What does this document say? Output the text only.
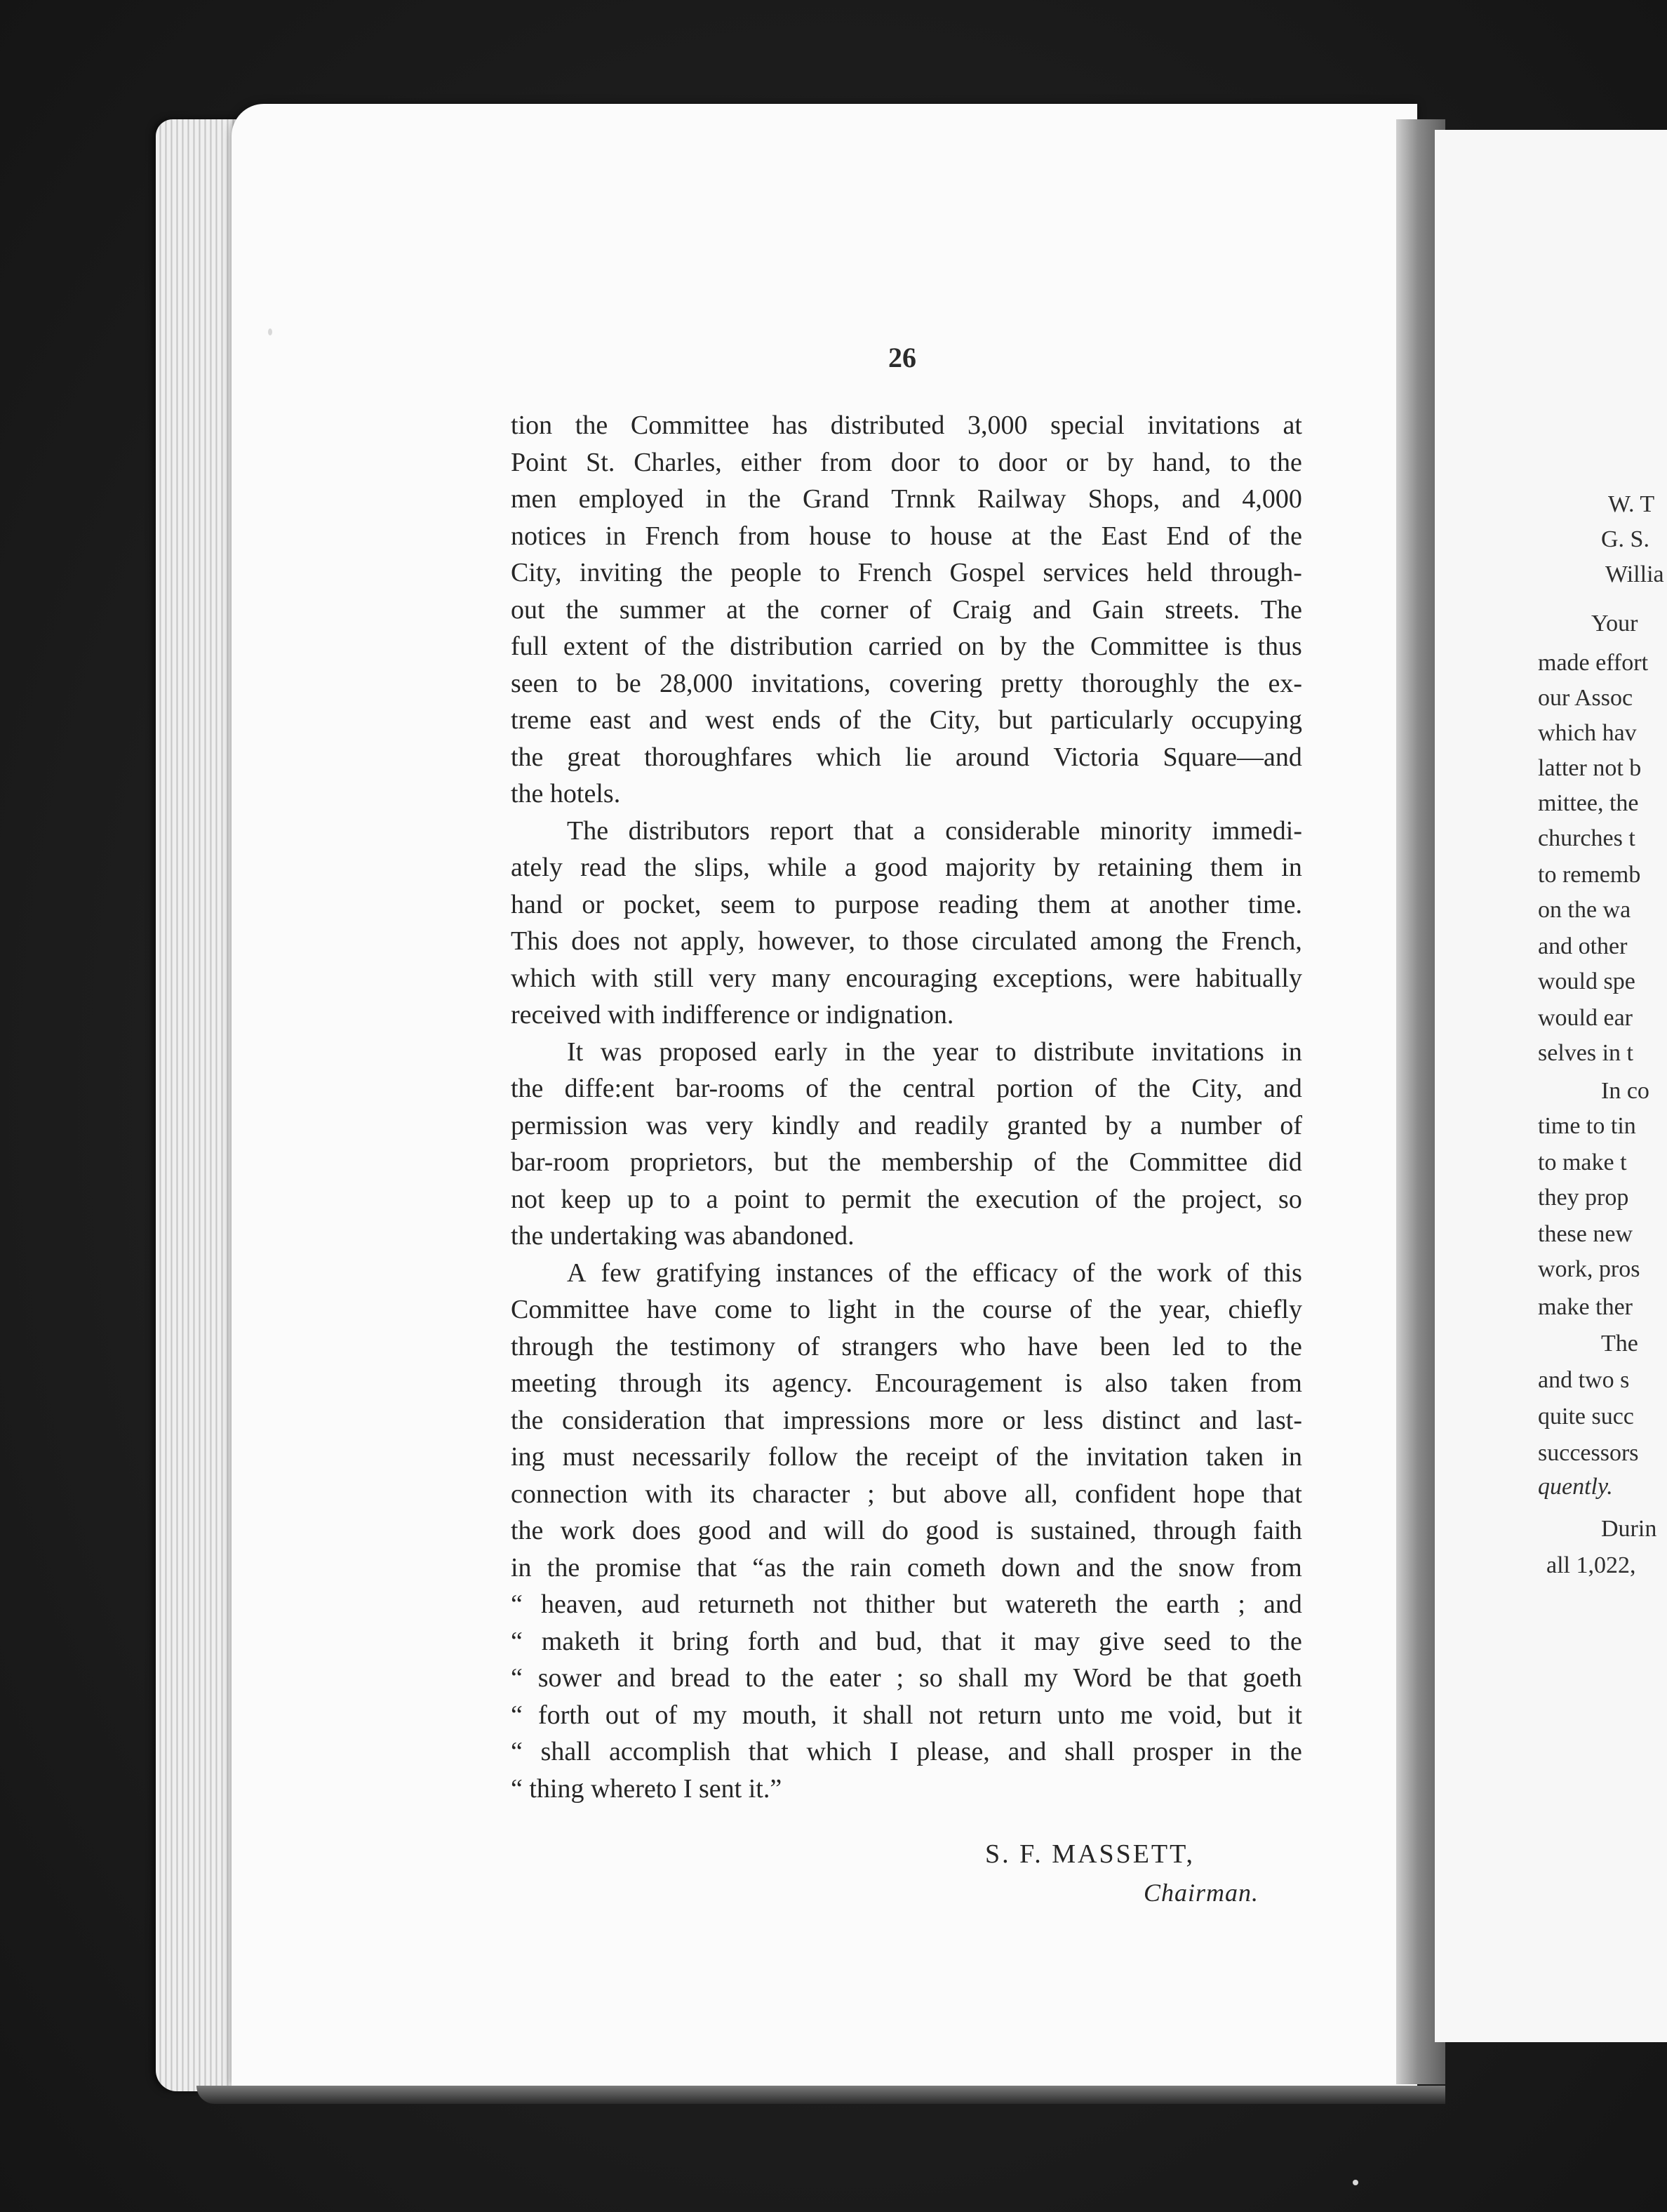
26
tion the Committee has distributed 3,000 special invitations at
Point St. Charles, either from door to door or by hand, to the
men employed in the Grand Trnnk Railway Shops, and 4,000
notices in French from house to house at the East End of the
City, inviting the people to French Gospel services held through-
out the summer at the corner of Craig and Gain streets. The
full extent of the distribution carried on by the Committee is thus
seen to be 28,000 invitations, covering pretty thoroughly the ex-
treme east and west ends of the City, but particularly occupying
the great thoroughfares which lie around Victoria Square—and
the hotels.
The distributors report that a considerable minority immedi-
ately read the slips, while a good majority by retaining them in
hand or pocket, seem to purpose reading them at another time.
This does not apply, however, to those circulated among the French,
which with still very many encouraging exceptions, were habitually
received with indifference or indignation.
It was proposed early in the year to distribute invitations in
the diffe:ent bar-rooms of the central portion of the City, and
permission was very kindly and readily granted by a number of
bar-room proprietors, but the membership of the Committee did
not keep up to a point to permit the execution of the project, so
the undertaking was abandoned.
A few gratifying instances of the efficacy of the work of this
Committee have come to light in the course of the year, chiefly
through the testimony of strangers who have been led to the
meeting through its agency. Encouragement is also taken from
the consideration that impressions more or less distinct and last-
ing must necessarily follow the receipt of the invitation taken in
connection with its character ; but above all, confident hope that
the work does good and will do good is sustained, through faith
in the promise that “as the rain cometh down and the snow from
“ heaven, aud returneth not thither but watereth the earth ; and
“ maketh it bring forth and bud, that it may give seed to the
“ sower and bread to the eater ; so shall my Word be that goeth
“ forth out of my mouth, it shall not return unto me void, but it
“ shall accomplish that which I please, and shall prosper in the
“ thing whereto I sent it.”
S. F. MASSETT,
Chairman.
W. T
G. S.
Willia
Your
made effort
our Assoc
which hav
latter not b
mittee, the
churches t
to rememb
on the wa
and other
would spe
would ear
selves in t
In co
time to tin
to make t
they prop
these new
work, pros
make ther
The
and two s
quite succ
successors
quently.
Durin
all 1,022,
